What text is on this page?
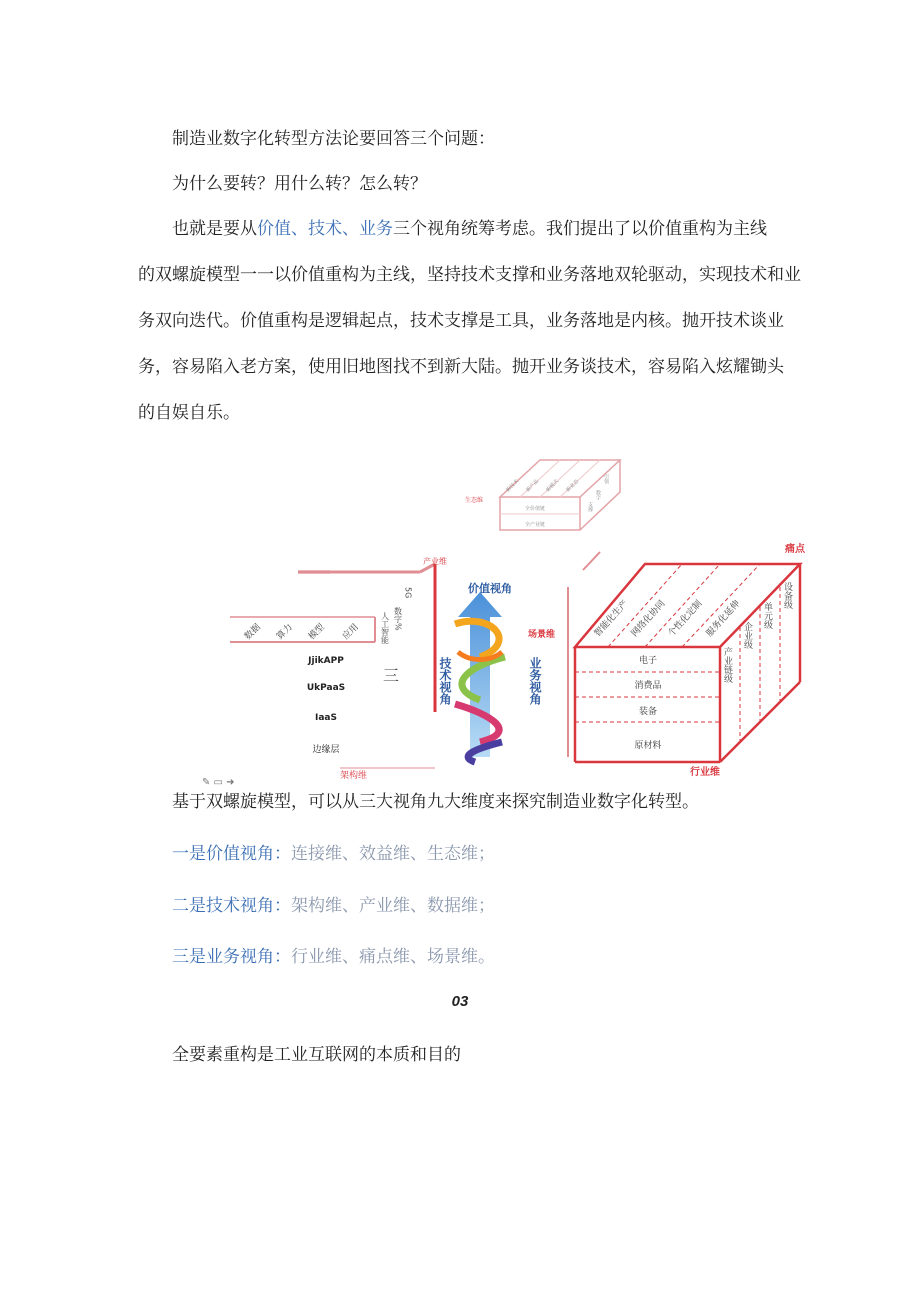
制造业数字化转型方法论要回答三个问题：
为什么要转？用什么转？怎么转？
也就是要从价值、技术、业务三个视角统筹考虑。我们提出了以价值重构为主线
的双螺旋模型一一以价值重构为主线，坚持技术支撑和业务落地双轮驱动，实现技术和业
务双向迭代。价值重构是逻辑起点，技术支撑是工具，业务落地是内核。抛开技术谈业
务，容易陷入老方案，使用旧地图找不到新大陆。抛开业务谈技术，容易陷入炫耀锄头
的自娱自乐。
生态维
新技术 新产品 新模式 新业态
全价值链
全产业链
数字
引领
支撑
产业维
数据 算力 模型 应用
JjikAPP
UkPaaS
IaaS
边缘层
5G
数字%
人工智能
三
架构维
✎ ▭ ➜
价值视角
技术视角	业务视角
场景维
痛点
行业维
智能化生产 网络化协同 个性化定制 服务化延伸
电子
消费品
装备
原材料
产业链级
企业级
单元级
设备级
基于双螺旋模型，可以从三大视角九大维度来探究制造业数字化转型。
一是价值视角：连接维、效益维、生态维；
二是技术视角：架构维、产业维、数据维；
三是业务视角：行业维、痛点维、场景维。
03
全要素重构是工业互联网的本质和目的
